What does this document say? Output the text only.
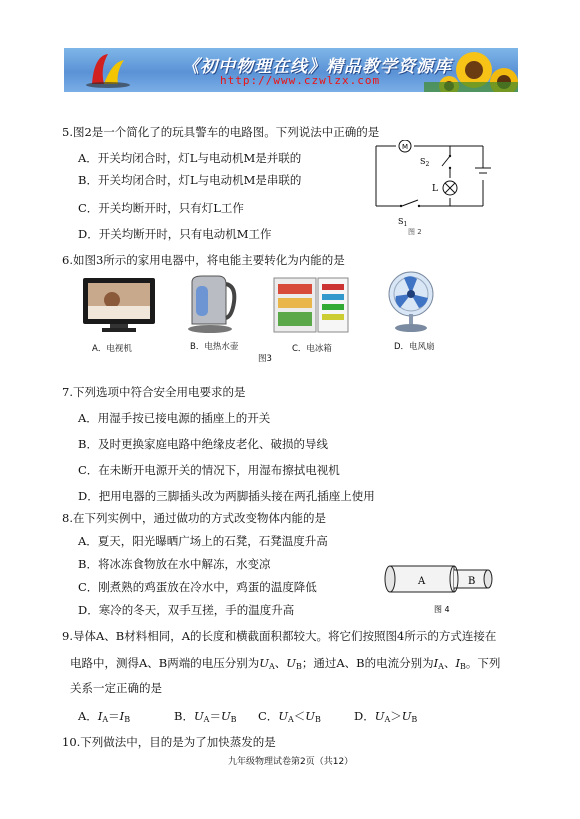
《初中物理在线》精品教学资源库
http://www.czwlzx.com
5.图2是一个简化了的玩具警车的电路图。下列说法中正确的是
A．开关均闭合时，灯L与电动机M是并联的
B．开关均闭合时，灯L与电动机M是串联的
C．开关均断开时，只有灯L工作
D．开关均断开时，只有电动机M工作
M
$S_2$
L
$S_1$
图 2
6.如图3所示的家用电器中，将电能主要转化为内能的是
A．电视机	B．电热水壶	C．电冰箱	D．电风扇
图3
7.下列选项中符合安全用电要求的是
A．用湿手按已接电源的插座上的开关
B．及时更换家庭电路中绝缘皮老化、破损的导线
C．在未断开电源开关的情况下，用湿布擦拭电视机
D．把用电器的三脚插头改为两脚插头接在两孔插座上使用
8.在下列实例中，通过做功的方式改变物体内能的是
A．夏天，阳光曝晒广场上的石凳，石凳温度升高
B．将冰冻食物放在水中解冻，水变凉
C．刚煮熟的鸡蛋放在冷水中，鸡蛋的温度降低
D．寒冷的冬天，双手互搓，手的温度升高
A	B
图 4
9.导体A、B材料相同，A的长度和横截面积都较大。将它们按照图4所示的方式连接在
电路中，测得A、B两端的电压分别为$U_A$、$U_B$；通过A、B的电流分别为$I_A$、$I_B$。下列
关系一定正确的是
A．$I_A=I_B$	B．$U_A=U_B$ C．$U_A<U_B$	D．$U_A>U_B$
10.下列做法中，目的是为了加快蒸发的是
九年级物理试卷第2页（共12）
